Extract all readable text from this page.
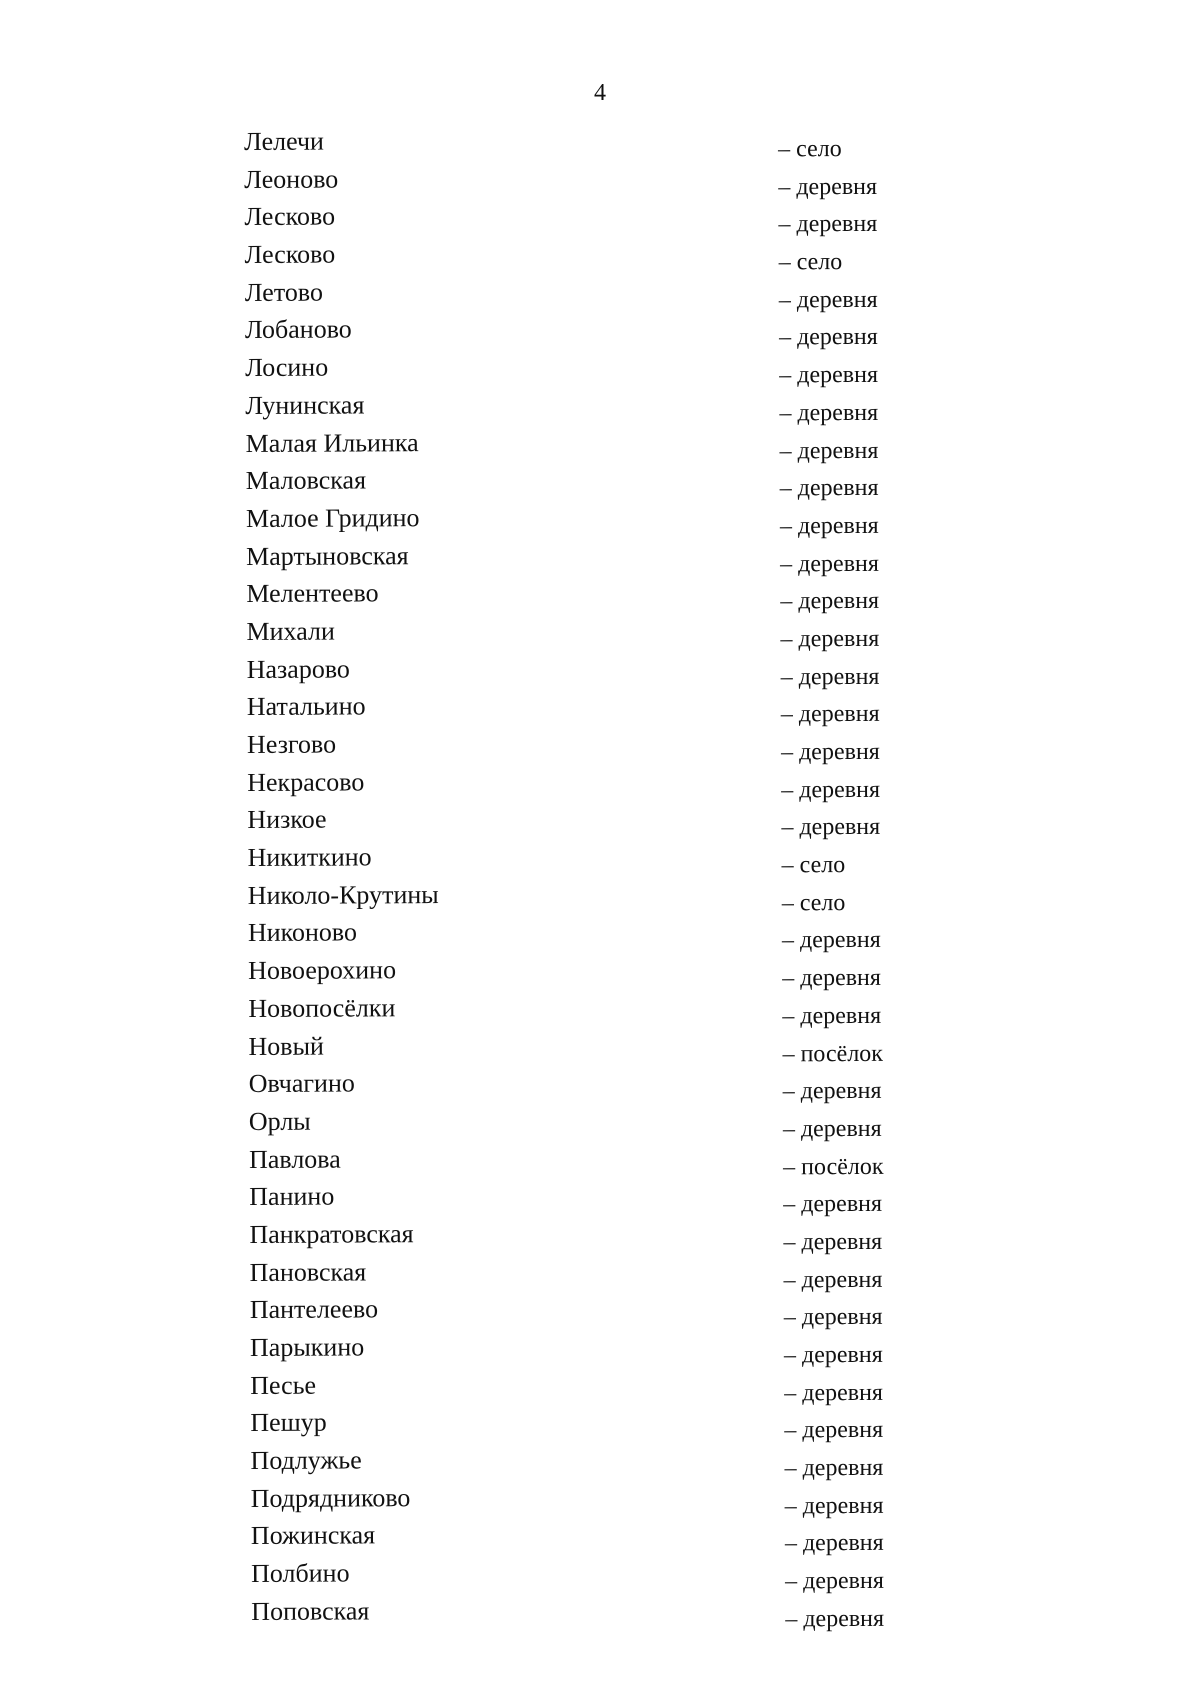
4
Лелечи	– село
Леоново	– деревня
Лесково	– деревня
Лесково	– село
Летово	– деревня
Лобаново	– деревня
Лосино	– деревня
Лунинская	– деревня
Малая Ильинка	– деревня
Маловская	– деревня
Малое Гридино	– деревня
Мартыновская	– деревня
Мелентеево	– деревня
Михали	– деревня
Назарово	– деревня
Натальино	– деревня
Незгово	– деревня
Некрасово	– деревня
Низкое	– деревня
Никиткино	– село
Николо-Крутины	– село
Никоново	– деревня
Новоерохино	– деревня
Новопосёлки	– деревня
Новый	– посёлок
Овчагино	– деревня
Орлы	– деревня
Павлова	– посёлок
Панино	– деревня
Панкратовская	– деревня
Пановская	– деревня
Пантелеево	– деревня
Парыкино	– деревня
Песье	– деревня
Пешур	– деревня
Подлужье	– деревня
Подрядниково	– деревня
Пожинская	– деревня
Полбино	– деревня
Поповская	– деревня
